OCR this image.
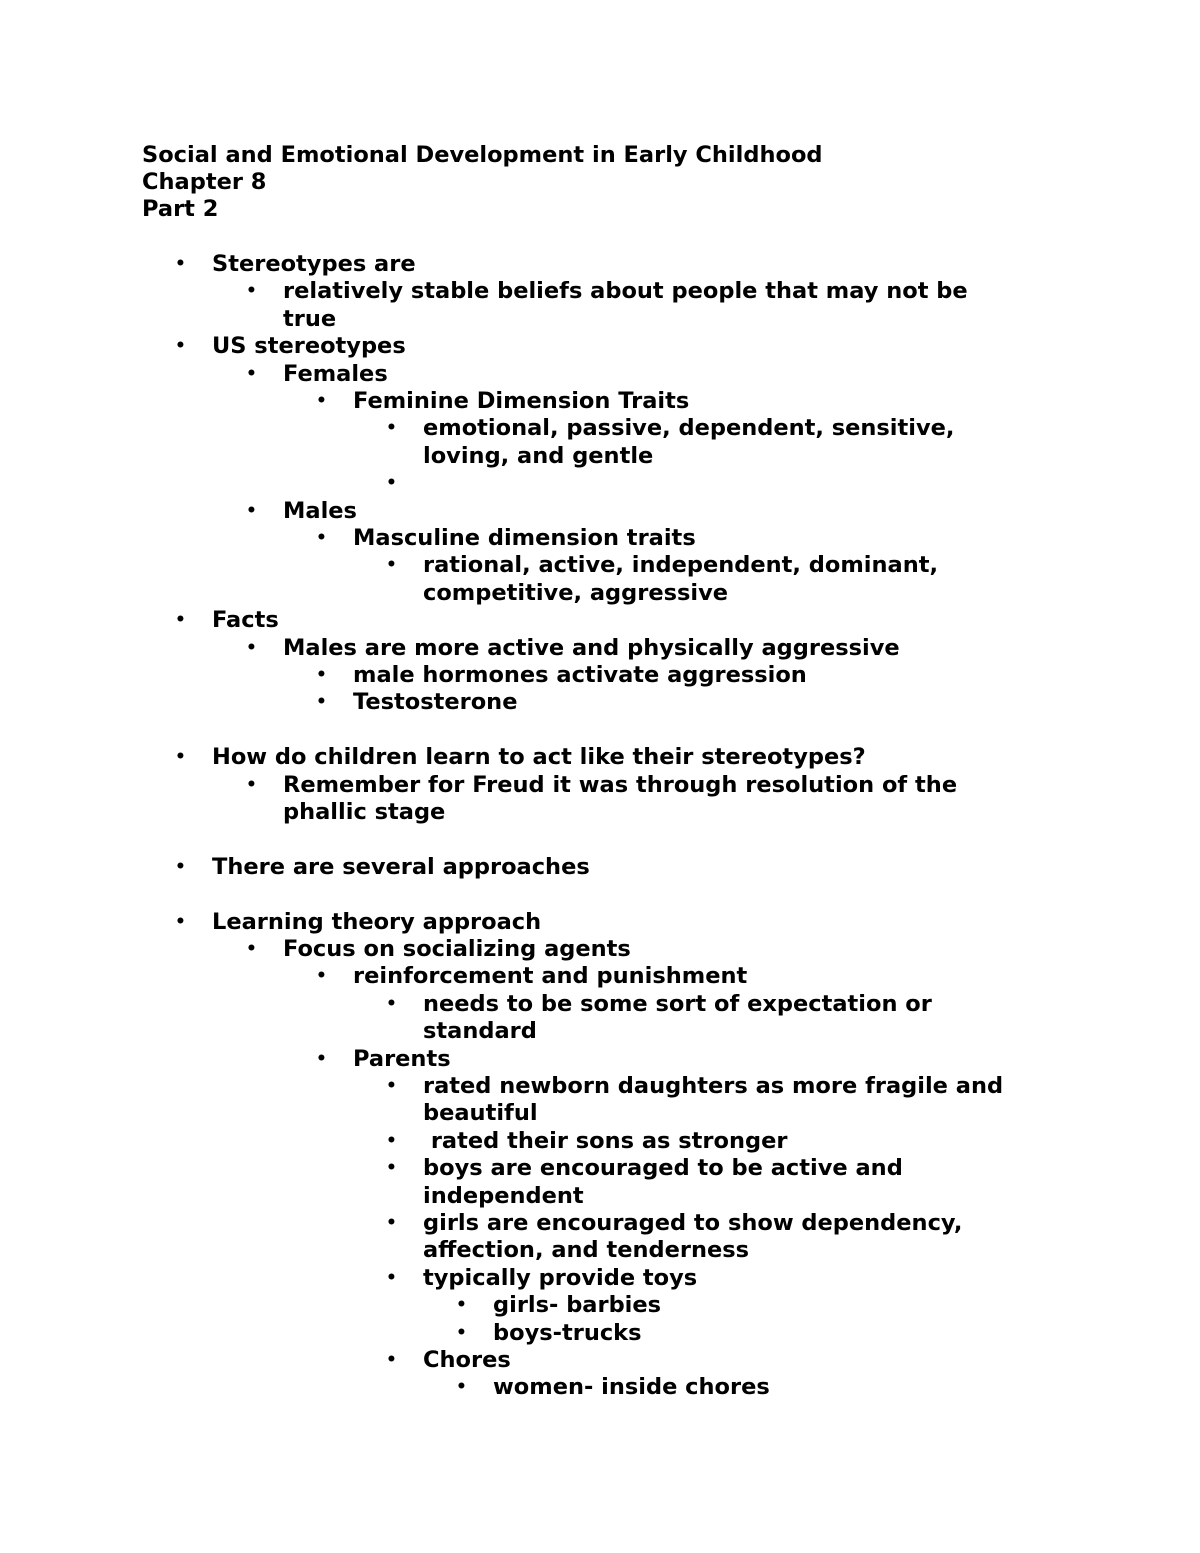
Social and Emotional Development in Early Childhood
Chapter 8
Part 2
• Stereotypes are
• relatively stable beliefs about people that may not be
true
• US stereotypes
• Females
• Feminine Dimension Traits
• emotional, passive, dependent, sensitive,
loving, and gentle
•
• Males
• Masculine dimension traits
• rational, active, independent, dominant,
competitive, aggressive
• Facts
• Males are more active and physically aggressive
• male hormones activate aggression
• Testosterone
• How do children learn to act like their stereotypes?
• Remember for Freud it was through resolution of the
phallic stage
• There are several approaches
• Learning theory approach
• Focus on socializing agents
• reinforcement and punishment
• needs to be some sort of expectation or
standard
• Parents
• rated newborn daughters as more fragile and
beautiful
• rated their sons as stronger
• boys are encouraged to be active and
independent
• girls are encouraged to show dependency,
affection, and tenderness
• typically provide toys
• girls- barbies
• boys-trucks
• Chores
• women- inside chores
